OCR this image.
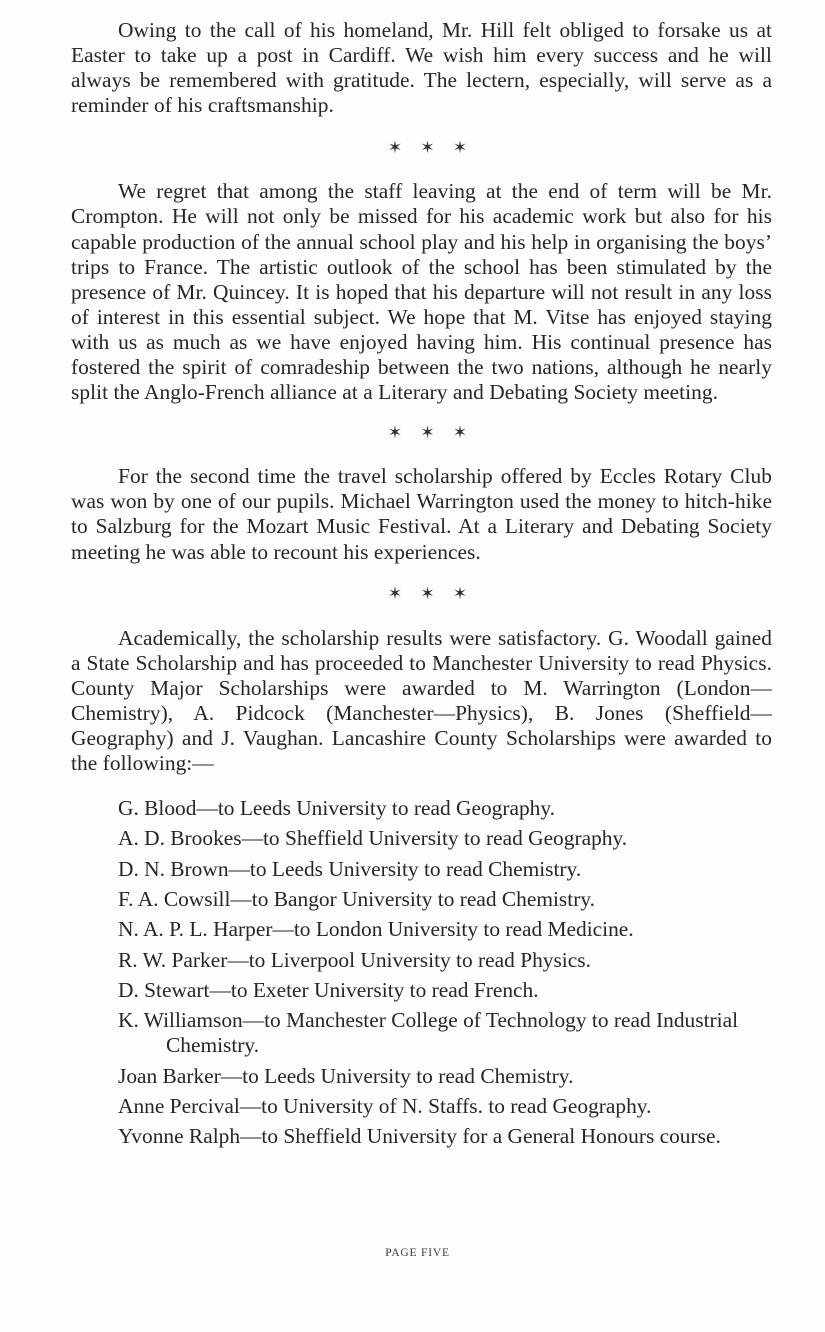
Owing to the call of his homeland, Mr. Hill felt obliged to forsake us at Easter to take up a post in Cardiff. We wish him every success and he will always be remembered with gratitude. The lectern, especially, will serve as a reminder of his craftsmanship.

✶ ✶ ✶

We regret that among the staff leaving at the end of term will be Mr. Crompton. He will not only be missed for his academic work but also for his capable production of the annual school play and his help in organising the boys’ trips to France. The artistic outlook of the school has been stimulated by the presence of Mr. Quincey. It is hoped that his departure will not result in any loss of interest in this essential subject. We hope that M. Vitse has enjoyed staying with us as much as we have enjoyed having him. His continual presence has fostered the spirit of comradeship between the two nations, although he nearly split the Anglo-French alliance at a Literary and Debating Society meeting.

✶ ✶ ✶

For the second time the travel scholarship offered by Eccles Rotary Club was won by one of our pupils. Michael Warrington used the money to hitch-hike to Salzburg for the Mozart Music Festival. At a Literary and Debating Society meeting he was able to recount his experiences.

✶ ✶ ✶

Academically, the scholarship results were satisfactory. G. Woodall gained a State Scholarship and has proceeded to Manchester University to read Physics. County Major Scholarships were awarded to M. Warrington (London—Chemistry), A. Pidcock (Manchester—Physics), B. Jones (Sheffield—Geography) and J. Vaughan. Lancashire County Scholarships were awarded to the following:—

G. Blood—to Leeds University to read Geography.
A. D. Brookes—to Sheffield University to read Geography.
D. N. Brown—to Leeds University to read Chemistry.
F. A. Cowsill—to Bangor University to read Chemistry.
N. A. P. L. Harper—to London University to read Medicine.
R. W. Parker—to Liverpool University to read Physics.
D. Stewart—to Exeter University to read French.
K. Williamson—to Manchester College of Technology to read Industrial Chemistry.
Joan Barker—to Leeds University to read Chemistry.
Anne Percival—to University of N. Staffs. to read Geography.
Yvonne Ralph—to Sheffield University for a General Honours course.
PAGE FIVE
